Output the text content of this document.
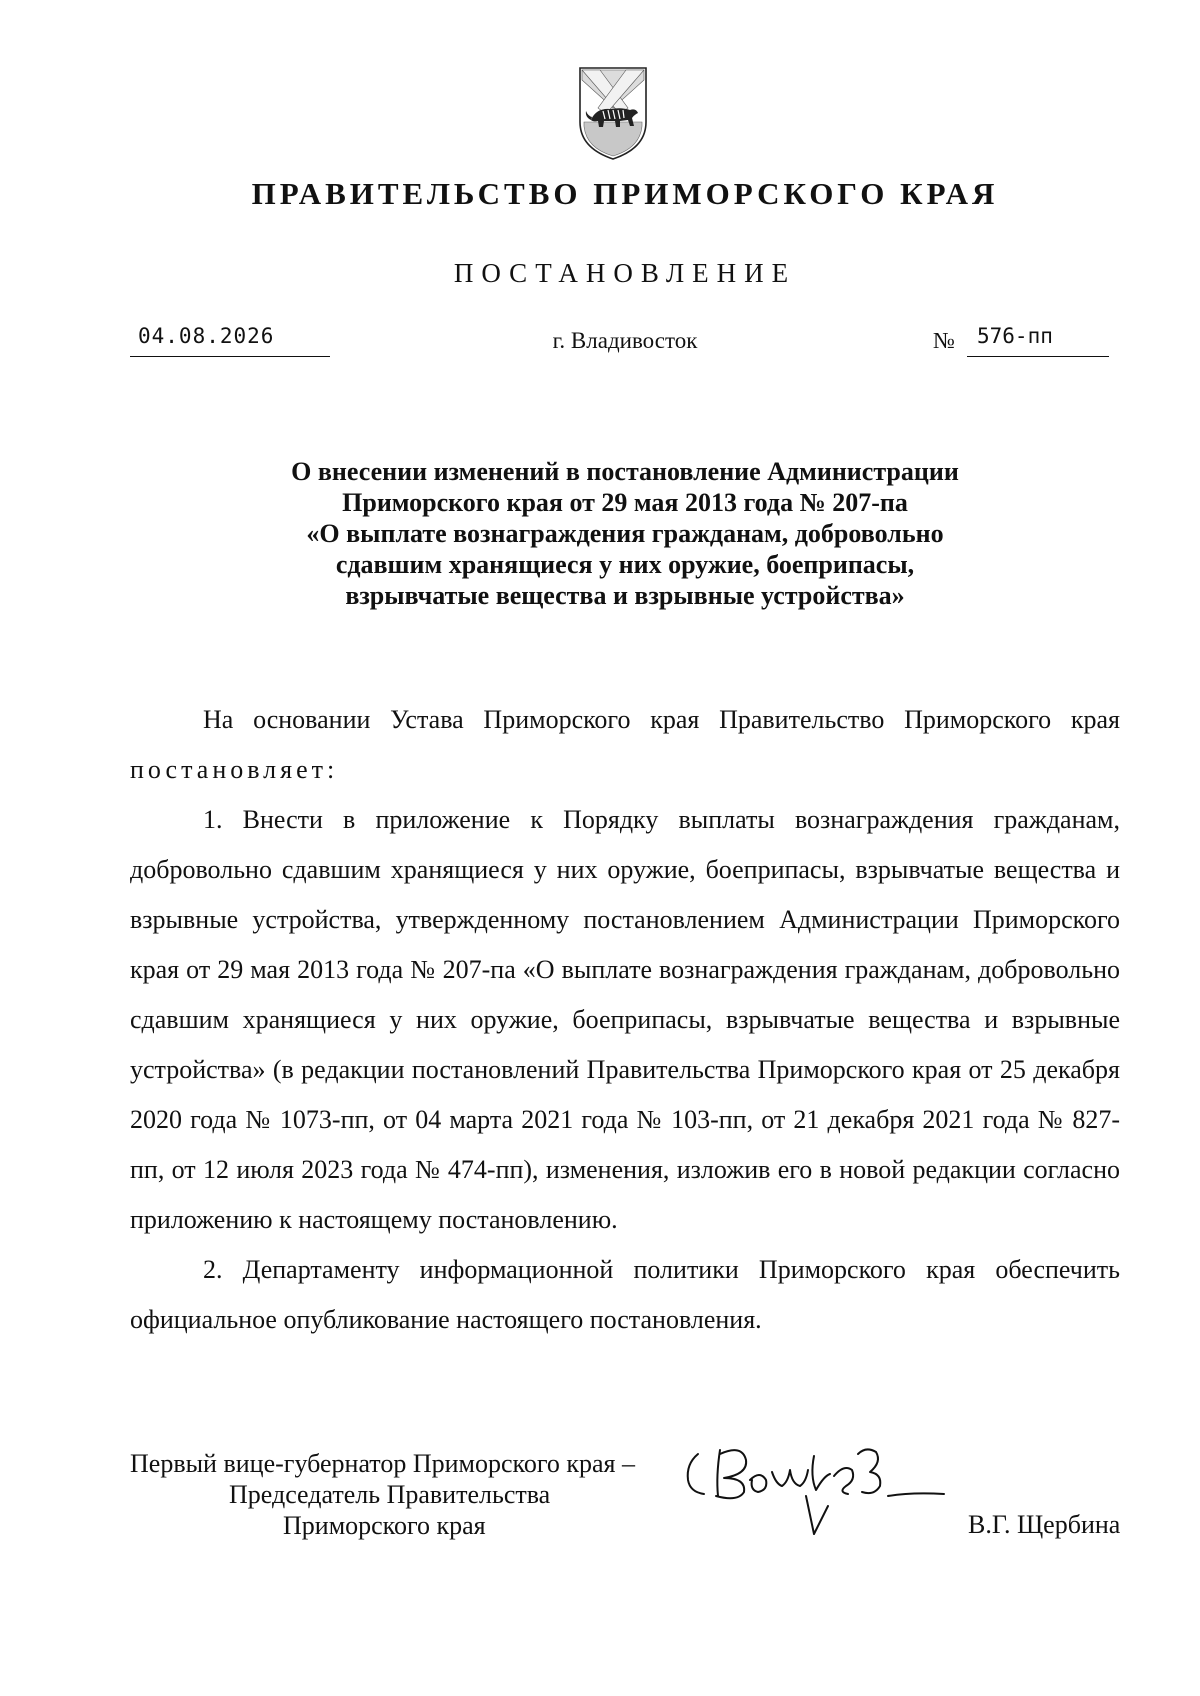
ПРАВИТЕЛЬСТВО ПРИМОРСКОГО КРАЯ
ПОСТАНОВЛЕНИЕ
04.08.2026	г. Владивосток	№	576-пп
О внесении изменений в постановление Администрации
Приморского края от 29 мая 2013 года № 207-па
«О выплате вознаграждения гражданам, добровольно
сдавшим хранящиеся у них оружие, боеприпасы,
взрывчатые вещества и взрывные устройства»

На основании Устава Приморского края Правительство Приморского края постановляет:

1. Внести в приложение к Порядку выплаты вознаграждения гражданам, добровольно сдавшим хранящиеся у них оружие, боеприпасы, взрывчатые вещества и взрывные устройства, утвержденному постановлением Администрации Приморского края от 29 мая 2013 года № 207-па «О выплате вознаграждения гражданам, добровольно сдавшим хранящиеся у них оружие, боеприпасы, взрывчатые вещества и взрывные устройства» (в редакции постановлений Правительства Приморского края от 25 декабря 2020 года № 1073-пп, от 04 марта 2021 года № 103-пп, от 21 декабря 2021 года № 827-пп, от 12 июля 2023 года № 474-пп), изменения, изложив его в новой редакции согласно приложению к настоящему постановлению.

2. Департаменту информационной политики Приморского края обеспечить официальное опубликование настоящего постановления.

Первый вице-губернатор Приморского края –
Председатель Правительства
Приморского края	В.Г. Щербина
